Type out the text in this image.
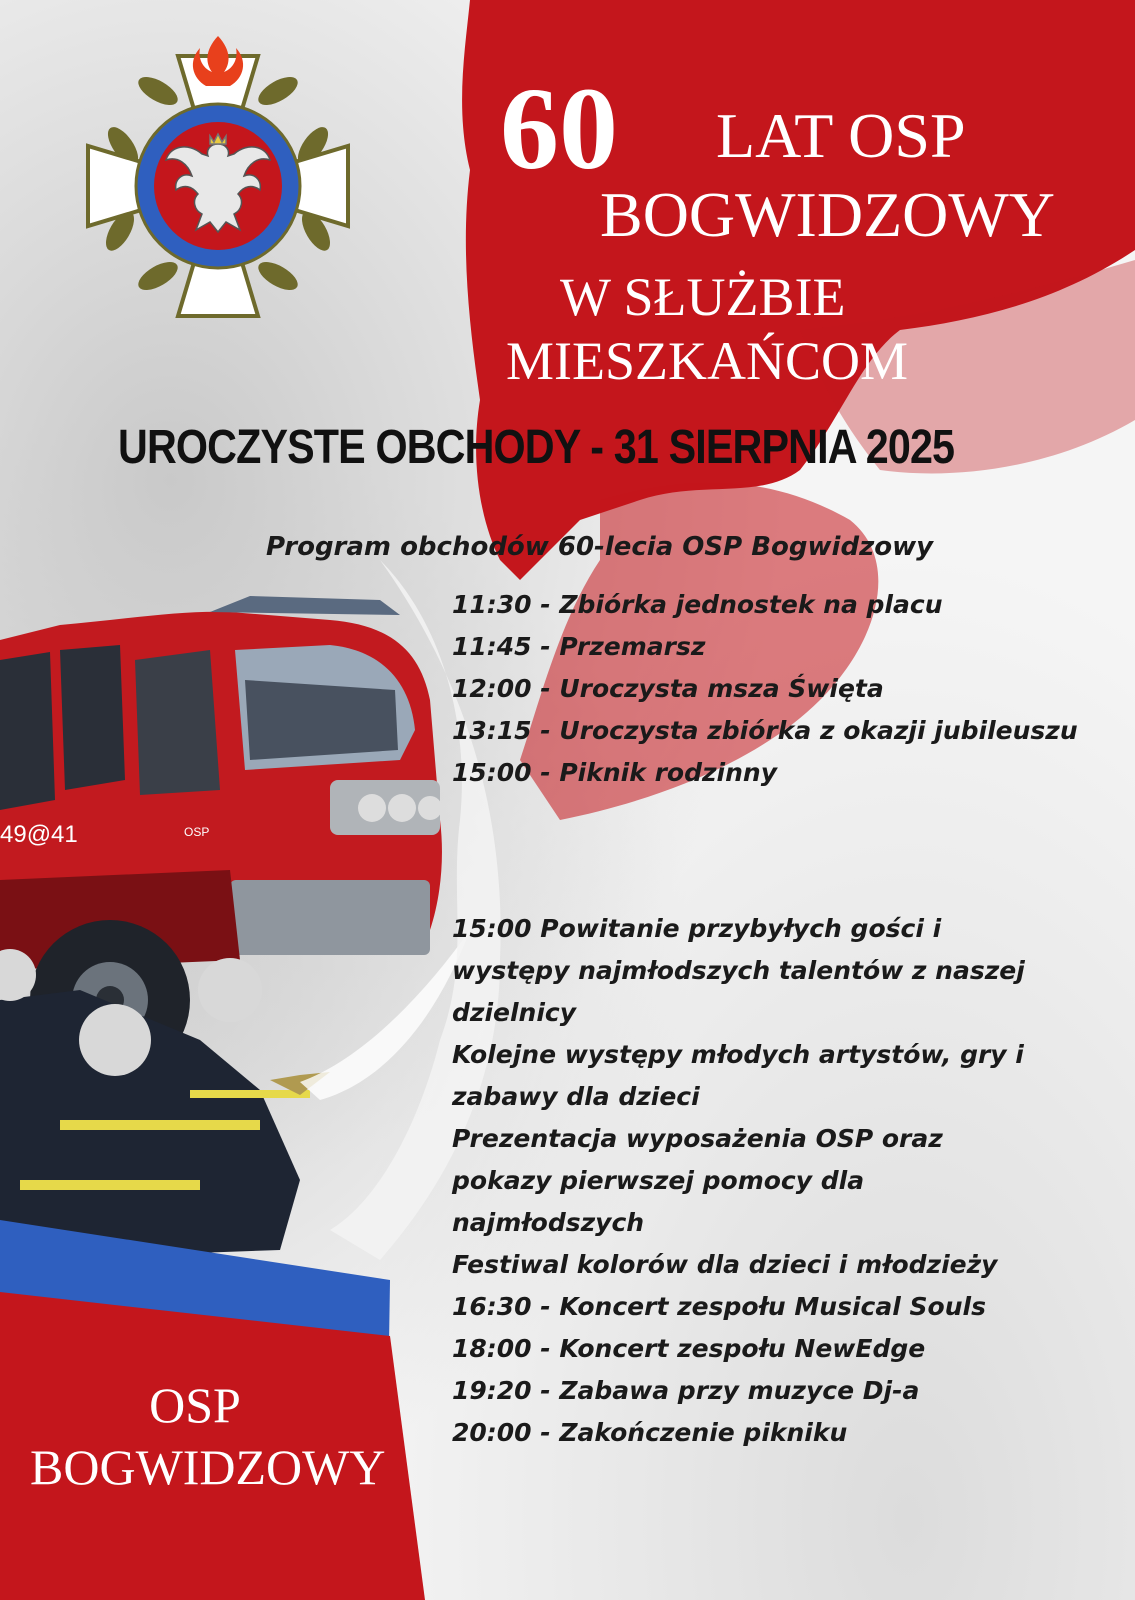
49@41	OSP
60 LAT OSP
BOGWIDZOWY
W SŁUŻBIE
MIESZKAŃCOM
UROCZYSTE OBCHODY - 31 SIERPNIA 2025
Program obchodów 60-lecia OSP Bogwidzowy
11:30 - Zbiórka jednostek na placu
11:45 - Przemarsz
12:00 - Uroczysta msza Święta
13:15 - Uroczysta zbiórka z okazji jubileuszu
15:00 - Piknik rodzinny
15:00 Powitanie przybyłych gości i
występy najmłodszych talentów z naszej
dzielnicy
Kolejne występy młodych artystów, gry i
zabawy dla dzieci
Prezentacja wyposażenia OSP oraz
pokazy pierwszej pomocy dla
najmłodszych
Festiwal kolorów dla dzieci i młodzieży
16:30 - Koncert zespołu Musical Souls
18:00 - Koncert zespołu NewEdge
19:20 - Zabawa przy muzyce Dj-a
20:00 - Zakończenie pikniku
OSP
BOGWIDZOWY
